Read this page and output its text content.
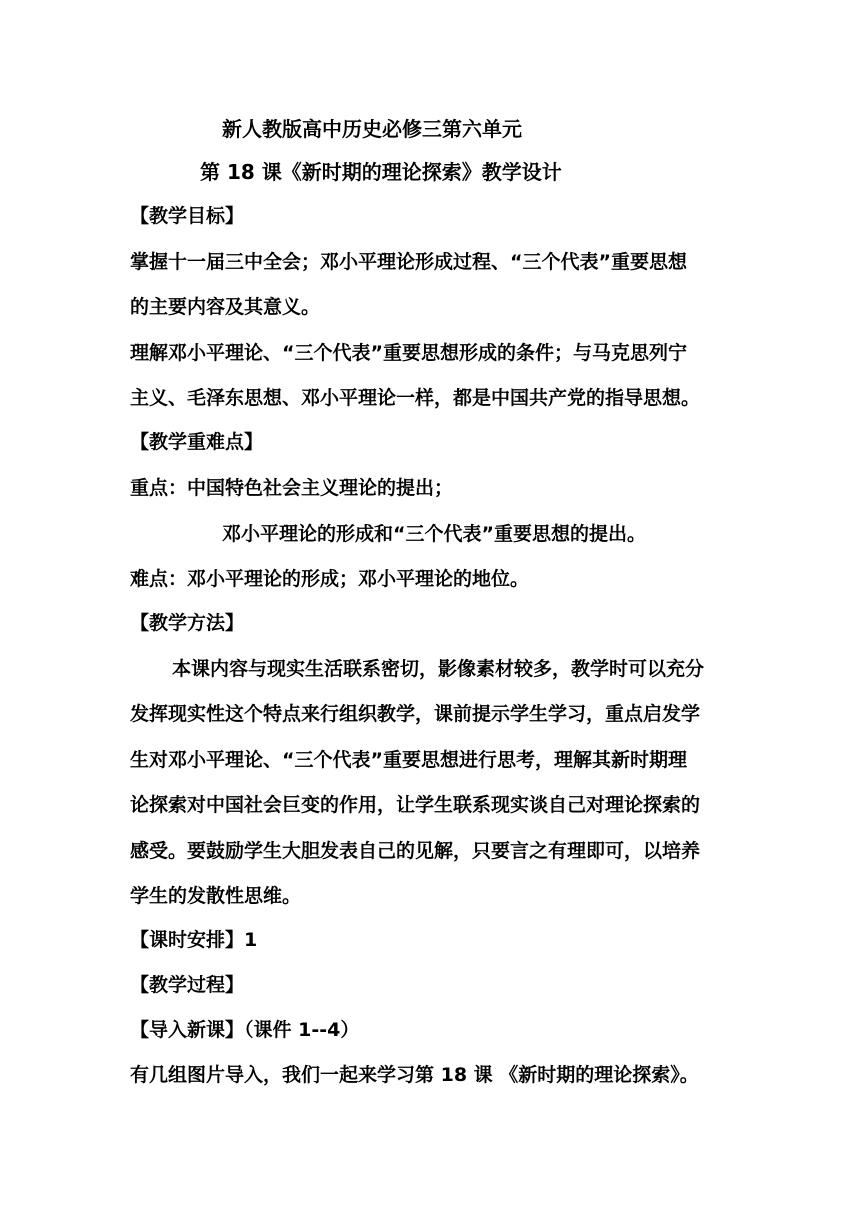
新人教版高中历史必修三第六单元
第 18 课《新时期的理论探索》教学设计
【教学目标】
掌握十一届三中全会；邓小平理论形成过程、“三个代表”重要思想
的主要内容及其意义。
理解邓小平理论、“三个代表”重要思想形成的条件；与马克思列宁
主义、毛泽东思想、邓小平理论一样，都是中国共产党的指导思想。
【教学重难点】
重点：中国特色社会主义理论的提出；
邓小平理论的形成和“三个代表”重要思想的提出。
难点：邓小平理论的形成；邓小平理论的地位。
【教学方法】
本课内容与现实生活联系密切，影像素材较多，教学时可以充分
发挥现实性这个特点来行组织教学，课前提示学生学习，重点启发学
生对邓小平理论、“三个代表”重要思想进行思考，理解其新时期理
论探索对中国社会巨变的作用，让学生联系现实谈自己对理论探索的
感受。要鼓励学生大胆发表自己的见解，只要言之有理即可，以培养
学生的发散性思维。
【课时安排】1
【教学过程】
【导入新课】（课件 1--4）
有几组图片导入，我们一起来学习第 18 课 《新时期的理论探索》。
